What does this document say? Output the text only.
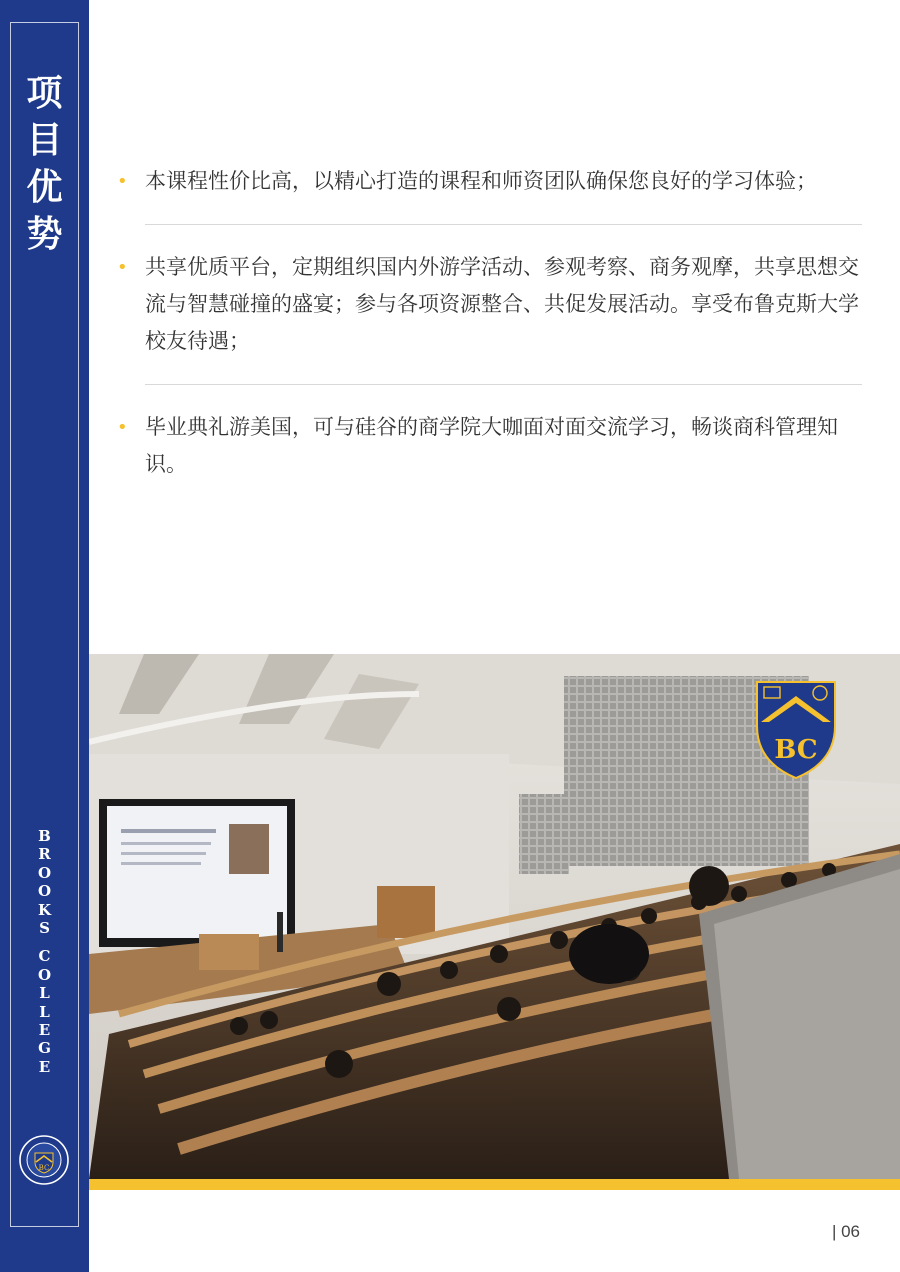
项
目
优
势
B
R
O
O
K
S
C
O
L
L
E
G
E
BC
• 本课程性价比高，以精心打造的课程和师资团队确保您良好的学习体验；
• 共享优质平台，定期组织国内外游学活动、参观考察、商务观摩，共享思想交流与智慧碰撞的盛宴；参与各项资源整合、共促发展活动。享受布鲁克斯大学校友待遇；
• 毕业典礼游美国，可与硅谷的商学院大咖面对面交流学习，畅谈商科管理知识。
BC
| 06
